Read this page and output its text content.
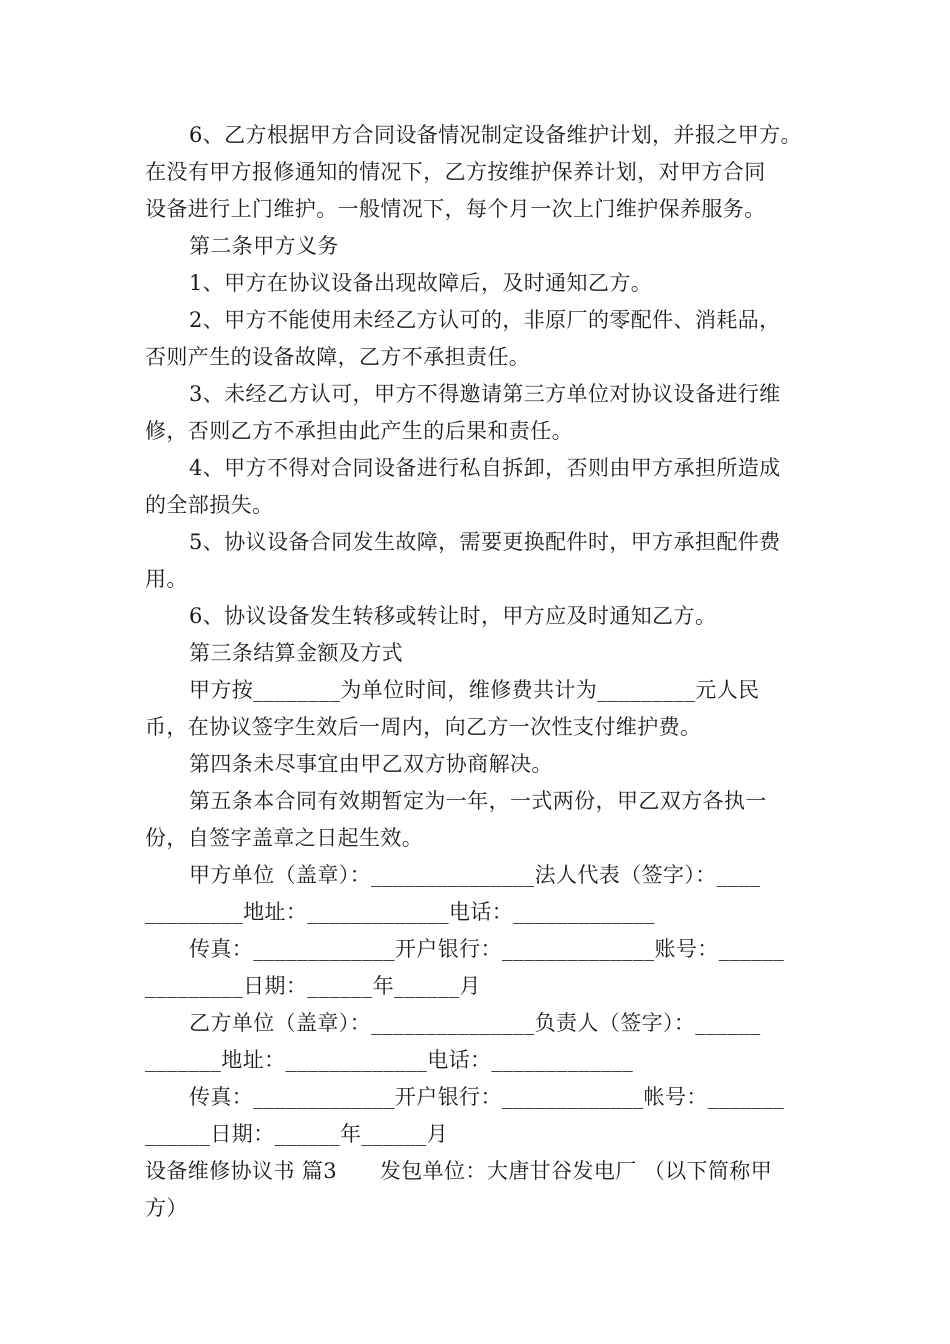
6、乙方根据甲方合同设备情况制定设备维护计划，并报之甲方。
在没有甲方报修通知的情况下，乙方按维护保养计划，对甲方合同
设备进行上门维护。一般情况下，每个月一次上门维护保养服务。
第二条甲方义务
1、甲方在协议设备出现故障后，及时通知乙方。
2、甲方不能使用未经乙方认可的，非原厂的零配件、消耗品，
否则产生的设备故障，乙方不承担责任。
3、未经乙方认可，甲方不得邀请第三方单位对协议设备进行维
修，否则乙方不承担由此产生的后果和责任。
4、甲方不得对合同设备进行私自拆卸，否则由甲方承担所造成
的全部损失。
5、协议设备合同发生故障，需要更换配件时，甲方承担配件费
用。
6、协议设备发生转移或转让时，甲方应及时通知乙方。
第三条结算金额及方式
甲方按________为单位时间，维修费共计为_________元人民
币，在协议签字生效后一周内，向乙方一次性支付维护费。
第四条未尽事宜由甲乙双方协商解决。
第五条本合同有效期暂定为一年，一式两份，甲乙双方各执一
份，自签字盖章之日起生效。
甲方单位（盖章）：_______________法人代表（签字）：____
_________地址：_____________电话：_____________
传真：_____________开户银行：______________账号：______
_________日期：______年______月
乙方单位（盖章）：_______________负责人（签字）：______
_______地址：_____________电话：_____________
传真：_____________开户银行：_____________帐号：_______
______日期：______年______月
设备维修协议书 篇3　　发包单位：大唐甘谷发电厂 （以下简称甲
方）
